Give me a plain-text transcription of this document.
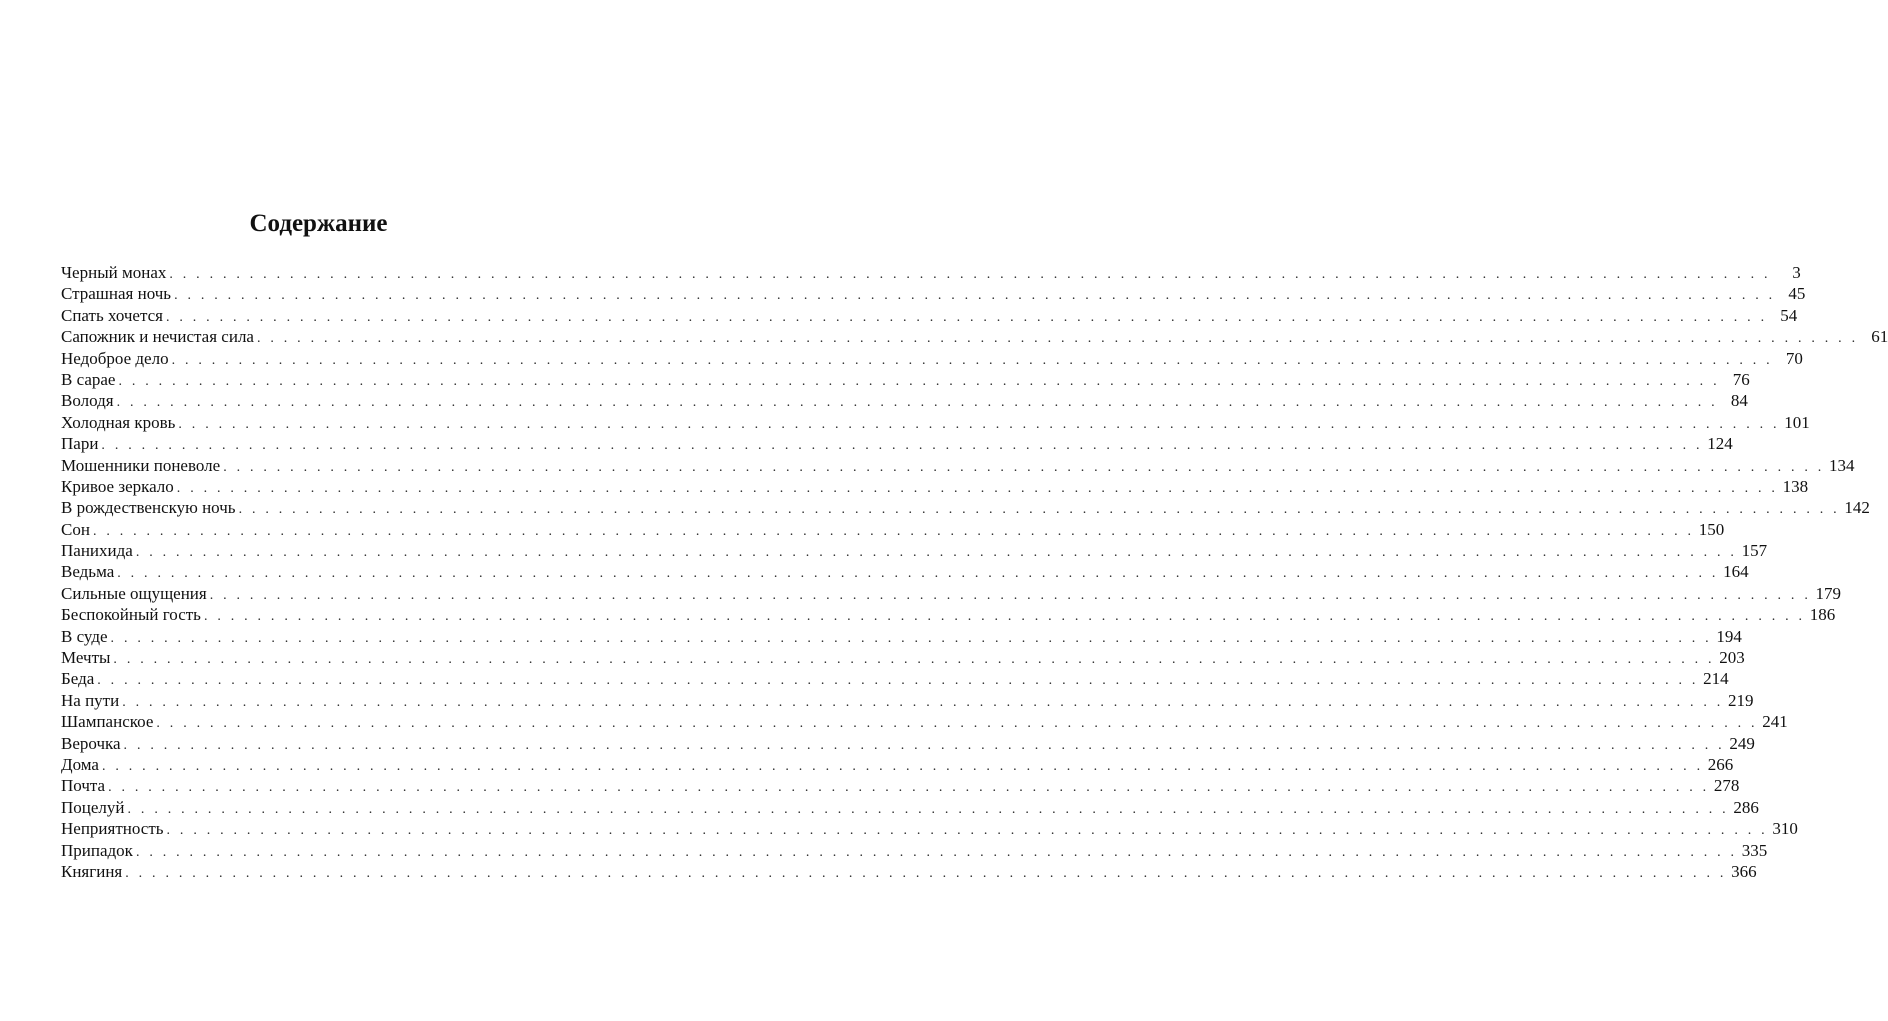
Содержание
Черный монах . . . . . . . . . . . . . . . . . . . . . . . . . . . . . . . . . . . . . . . . . . . . . . . . . . . . . . . . . . . . . . . . . . . . . . . . . . . . . . . . . . . . . . . . . . . . . . . . . . . . . . . . . . . . . . . . . . . . . . . .	3
Страшная ночь . . . . . . . . . . . . . . . . . . . . . . . . . . . . . . . . . . . . . . . . . . . . . . . . . . . . . . . . . . . . . . . . . . . . . . . . . . . . . . . . . . . . . . . . . . . . . . . . . . . . . . . . . . . . . . . . . . . . . . . . 45
Спать хочется . . . . . . . . . . . . . . . . . . . . . . . . . . . . . . . . . . . . . . . . . . . . . . . . . . . . . . . . . . . . . . . . . . . . . . . . . . . . . . . . . . . . . . . . . . . . . . . . . . . . . . . . . . . . . . . . . . . . . . . . 54
Сапожник и нечистая сила . . . . . . . . . . . . . . . . . . . . . . . . . . . . . . . . . . . . . . . . . . . . . . . . . . . . . . . . . . . . . . . . . . . . . . . . . . . . . . . . . . . . . . . . . . . . . . . . . . . . . . . . . . . . . . . . . . . . . . . . 61
Недоброе дело . . . . . . . . . . . . . . . . . . . . . . . . . . . . . . . . . . . . . . . . . . . . . . . . . . . . . . . . . . . . . . . . . . . . . . . . . . . . . . . . . . . . . . . . . . . . . . . . . . . . . . . . . . . . . . . . . . . . . . . . 70
В сарае . . . . . . . . . . . . . . . . . . . . . . . . . . . . . . . . . . . . . . . . . . . . . . . . . . . . . . . . . . . . . . . . . . . . . . . . . . . . . . . . . . . . . . . . . . . . . . . . . . . . . . . . . . . . . . . . . . . . . . . . 76
Володя . . . . . . . . . . . . . . . . . . . . . . . . . . . . . . . . . . . . . . . . . . . . . . . . . . . . . . . . . . . . . . . . . . . . . . . . . . . . . . . . . . . . . . . . . . . . . . . . . . . . . . . . . . . . . . . . . . . . . . . . 84
Холодная кровь . . . . . . . . . . . . . . . . . . . . . . . . . . . . . . . . . . . . . . . . . . . . . . . . . . . . . . . . . . . . . . . . . . . . . . . . . . . . . . . . . . . . . . . . . . . . . . . . . . . . . . . . . . . . . . . . . . . . . . . . 101
Пари . . . . . . . . . . . . . . . . . . . . . . . . . . . . . . . . . . . . . . . . . . . . . . . . . . . . . . . . . . . . . . . . . . . . . . . . . . . . . . . . . . . . . . . . . . . . . . . . . . . . . . . . . . . . . . . . . . . . . . . . 124
Мошенники поневоле . . . . . . . . . . . . . . . . . . . . . . . . . . . . . . . . . . . . . . . . . . . . . . . . . . . . . . . . . . . . . . . . . . . . . . . . . . . . . . . . . . . . . . . . . . . . . . . . . . . . . . . . . . . . . . . . . . . . . . . . 134
Кривое зеркало . . . . . . . . . . . . . . . . . . . . . . . . . . . . . . . . . . . . . . . . . . . . . . . . . . . . . . . . . . . . . . . . . . . . . . . . . . . . . . . . . . . . . . . . . . . . . . . . . . . . . . . . . . . . . . . . . . . . . . . . 138
В рождественскую ночь . . . . . . . . . . . . . . . . . . . . . . . . . . . . . . . . . . . . . . . . . . . . . . . . . . . . . . . . . . . . . . . . . . . . . . . . . . . . . . . . . . . . . . . . . . . . . . . . . . . . . . . . . . . . . . . . . . . . . . . . 142
Сон . . . . . . . . . . . . . . . . . . . . . . . . . . . . . . . . . . . . . . . . . . . . . . . . . . . . . . . . . . . . . . . . . . . . . . . . . . . . . . . . . . . . . . . . . . . . . . . . . . . . . . . . . . . . . . . . . . . . . . . . 150
Панихида . . . . . . . . . . . . . . . . . . . . . . . . . . . . . . . . . . . . . . . . . . . . . . . . . . . . . . . . . . . . . . . . . . . . . . . . . . . . . . . . . . . . . . . . . . . . . . . . . . . . . . . . . . . . . . . . . . . . . . . . 157
Ведьма . . . . . . . . . . . . . . . . . . . . . . . . . . . . . . . . . . . . . . . . . . . . . . . . . . . . . . . . . . . . . . . . . . . . . . . . . . . . . . . . . . . . . . . . . . . . . . . . . . . . . . . . . . . . . . . . . . . . . . . . 164
Сильные ощущения . . . . . . . . . . . . . . . . . . . . . . . . . . . . . . . . . . . . . . . . . . . . . . . . . . . . . . . . . . . . . . . . . . . . . . . . . . . . . . . . . . . . . . . . . . . . . . . . . . . . . . . . . . . . . . . . . . . . . . . . 179
Беспокойный гость . . . . . . . . . . . . . . . . . . . . . . . . . . . . . . . . . . . . . . . . . . . . . . . . . . . . . . . . . . . . . . . . . . . . . . . . . . . . . . . . . . . . . . . . . . . . . . . . . . . . . . . . . . . . . . . . . . . . . . . . 186
В суде . . . . . . . . . . . . . . . . . . . . . . . . . . . . . . . . . . . . . . . . . . . . . . . . . . . . . . . . . . . . . . . . . . . . . . . . . . . . . . . . . . . . . . . . . . . . . . . . . . . . . . . . . . . . . . . . . . . . . . . . 194
Мечты . . . . . . . . . . . . . . . . . . . . . . . . . . . . . . . . . . . . . . . . . . . . . . . . . . . . . . . . . . . . . . . . . . . . . . . . . . . . . . . . . . . . . . . . . . . . . . . . . . . . . . . . . . . . . . . . . . . . . . . . 203
Беда . . . . . . . . . . . . . . . . . . . . . . . . . . . . . . . . . . . . . . . . . . . . . . . . . . . . . . . . . . . . . . . . . . . . . . . . . . . . . . . . . . . . . . . . . . . . . . . . . . . . . . . . . . . . . . . . . . . . . . . . 214
На пути . . . . . . . . . . . . . . . . . . . . . . . . . . . . . . . . . . . . . . . . . . . . . . . . . . . . . . . . . . . . . . . . . . . . . . . . . . . . . . . . . . . . . . . . . . . . . . . . . . . . . . . . . . . . . . . . . . . . . . . . 219
Шампанское . . . . . . . . . . . . . . . . . . . . . . . . . . . . . . . . . . . . . . . . . . . . . . . . . . . . . . . . . . . . . . . . . . . . . . . . . . . . . . . . . . . . . . . . . . . . . . . . . . . . . . . . . . . . . . . . . . . . . . . . 241
Верочка . . . . . . . . . . . . . . . . . . . . . . . . . . . . . . . . . . . . . . . . . . . . . . . . . . . . . . . . . . . . . . . . . . . . . . . . . . . . . . . . . . . . . . . . . . . . . . . . . . . . . . . . . . . . . . . . . . . . . . . . 249
Дома . . . . . . . . . . . . . . . . . . . . . . . . . . . . . . . . . . . . . . . . . . . . . . . . . . . . . . . . . . . . . . . . . . . . . . . . . . . . . . . . . . . . . . . . . . . . . . . . . . . . . . . . . . . . . . . . . . . . . . . . 266
Почта . . . . . . . . . . . . . . . . . . . . . . . . . . . . . . . . . . . . . . . . . . . . . . . . . . . . . . . . . . . . . . . . . . . . . . . . . . . . . . . . . . . . . . . . . . . . . . . . . . . . . . . . . . . . . . . . . . . . . . . . 278
Поцелуй . . . . . . . . . . . . . . . . . . . . . . . . . . . . . . . . . . . . . . . . . . . . . . . . . . . . . . . . . . . . . . . . . . . . . . . . . . . . . . . . . . . . . . . . . . . . . . . . . . . . . . . . . . . . . . . . . . . . . . . . 286
Неприятность . . . . . . . . . . . . . . . . . . . . . . . . . . . . . . . . . . . . . . . . . . . . . . . . . . . . . . . . . . . . . . . . . . . . . . . . . . . . . . . . . . . . . . . . . . . . . . . . . . . . . . . . . . . . . . . . . . . . . . . . 310
Припадок . . . . . . . . . . . . . . . . . . . . . . . . . . . . . . . . . . . . . . . . . . . . . . . . . . . . . . . . . . . . . . . . . . . . . . . . . . . . . . . . . . . . . . . . . . . . . . . . . . . . . . . . . . . . . . . . . . . . . . . . 335
Княгиня . . . . . . . . . . . . . . . . . . . . . . . . . . . . . . . . . . . . . . . . . . . . . . . . . . . . . . . . . . . . . . . . . . . . . . . . . . . . . . . . . . . . . . . . . . . . . . . . . . . . . . . . . . . . . . . . . . . . . . . . 366
